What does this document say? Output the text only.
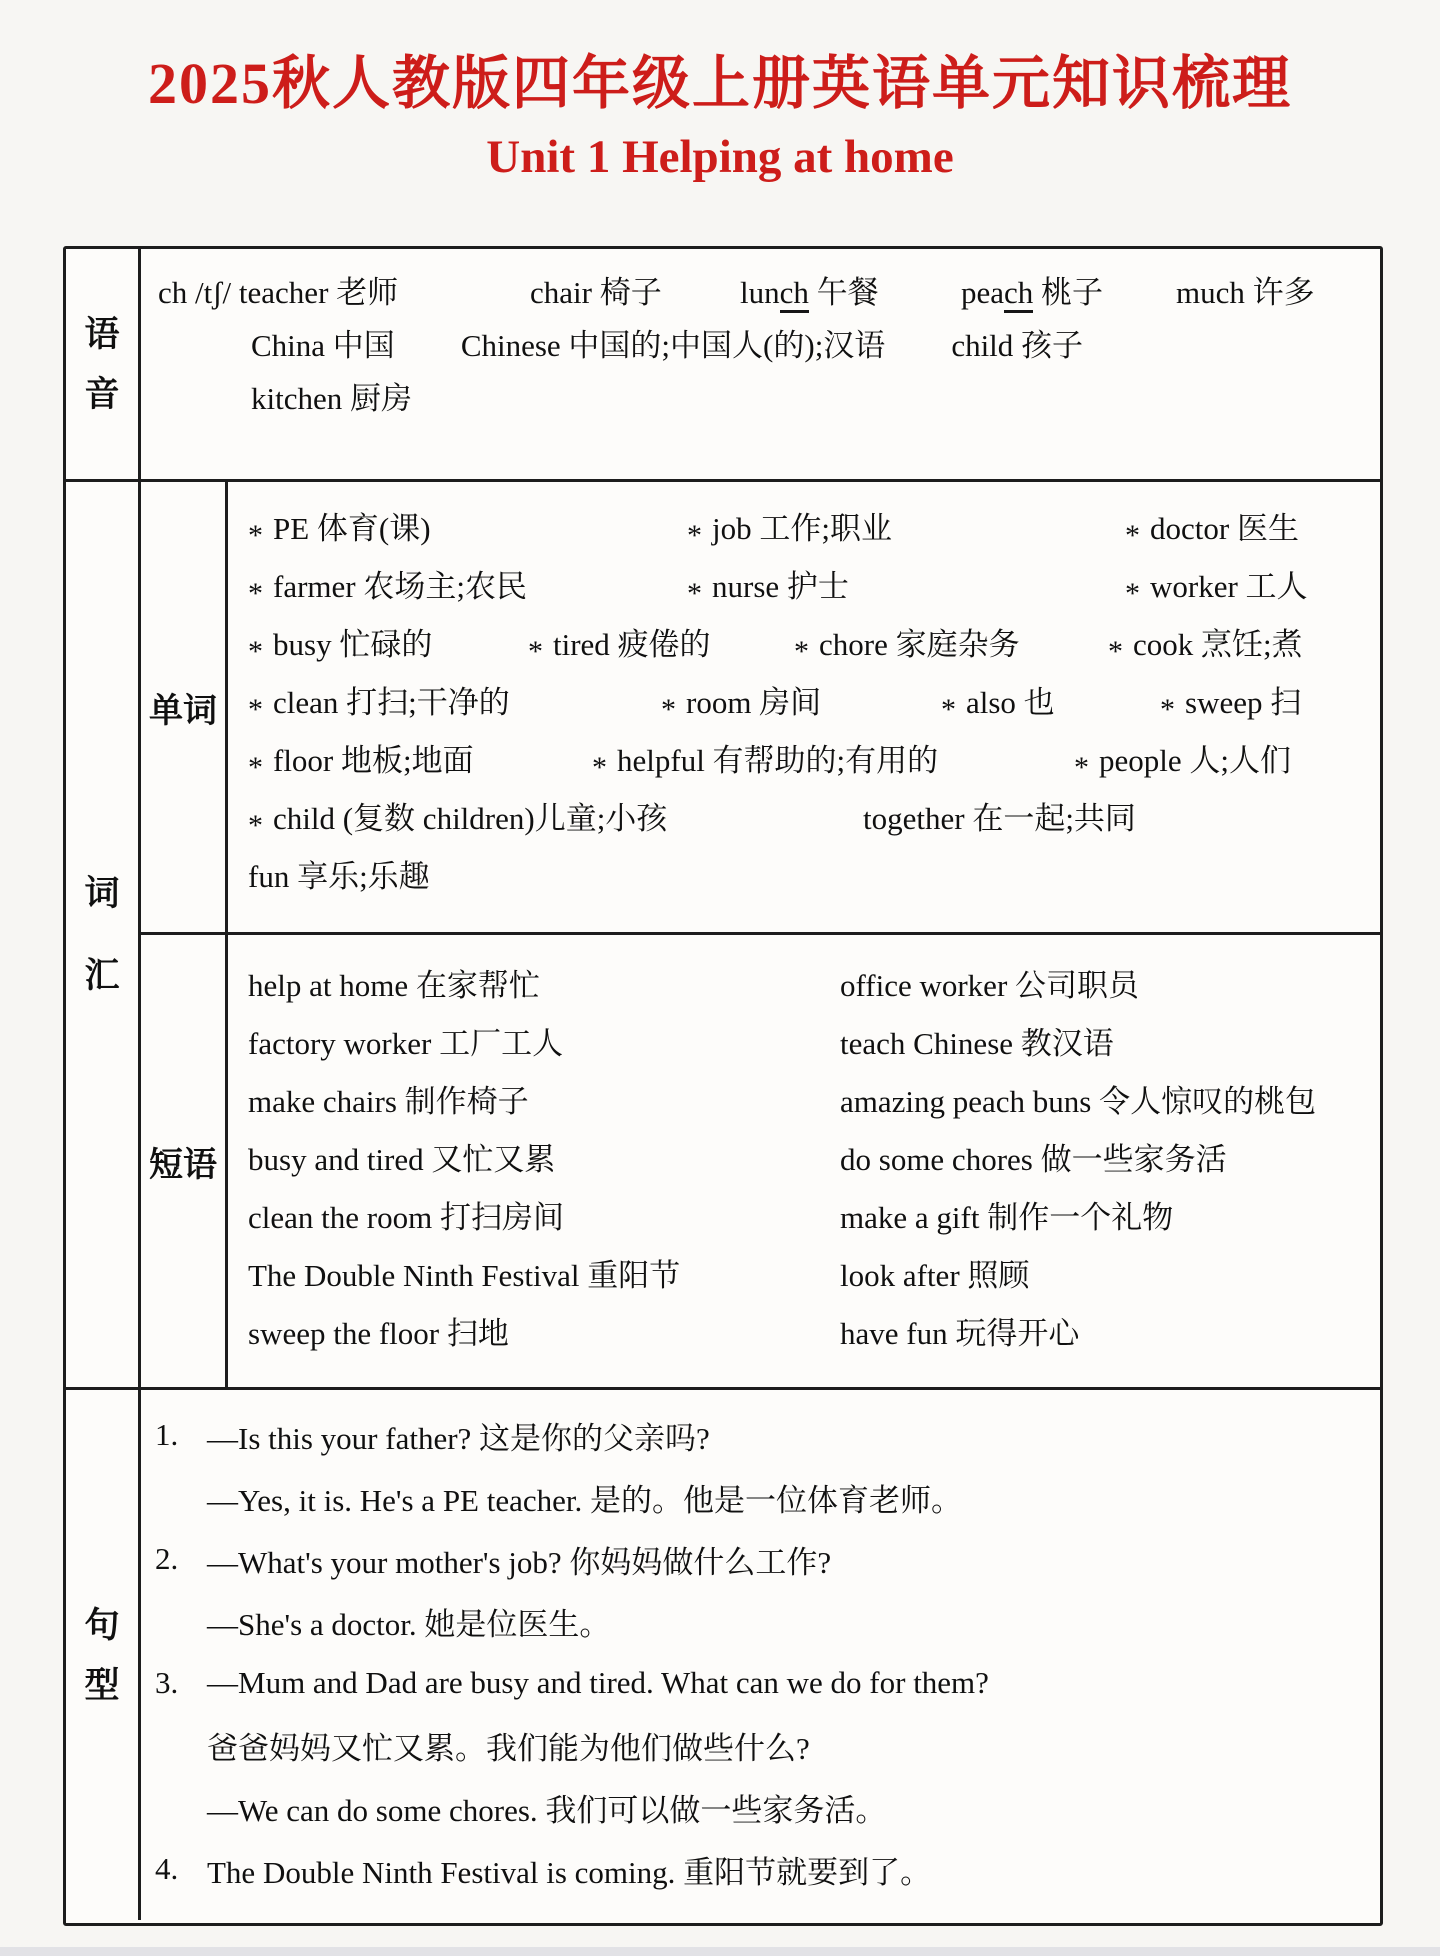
2025秋人教版四年级上册英语单元知识梳理
Unit 1 Helping at home
语
音
ch /tʃ/ teacher 老师	chair 椅子	lunch 午餐	peach 桃子	much 许多
China 中国 Chinese 中国的;中国人(的);汉语 child 孩子
kitchen 厨房
词
汇
单词
* PE 体育(课)	* job 工作;职业	* doctor 医生
* farmer 农场主;农民	* nurse 护士	* worker 工人
* busy 忙碌的	* tired 疲倦的	* chore 家庭杂务	* cook 烹饪;煮
* clean 打扫;干净的	* room 房间	* also 也	* sweep 扫
* floor 地板;地面	* helpful 有帮助的;有用的	* people 人;人们
* child (复数 children)儿童;小孩	together 在一起;共同
fun 享乐;乐趣
短语
help at home 在家帮忙	office worker 公司职员
factory worker 工厂工人	teach Chinese 教汉语
make chairs 制作椅子	amazing peach buns 令人惊叹的桃包
busy and tired 又忙又累	do some chores 做一些家务活
clean the room 打扫房间	make a gift 制作一个礼物
The Double Ninth Festival 重阳节	look after 照顾
sweep the floor 扫地	have fun 玩得开心
句
型
1. —Is this your father? 这是你的父亲吗?
—Yes, it is. He's a PE teacher. 是的。他是一位体育老师。
2. —What's your mother's job? 你妈妈做什么工作?
—She's a doctor. 她是位医生。
3. —Mum and Dad are busy and tired. What can we do for them?
爸爸妈妈又忙又累。我们能为他们做些什么?
—We can do some chores. 我们可以做一些家务活。
4. The Double Ninth Festival is coming. 重阳节就要到了。
